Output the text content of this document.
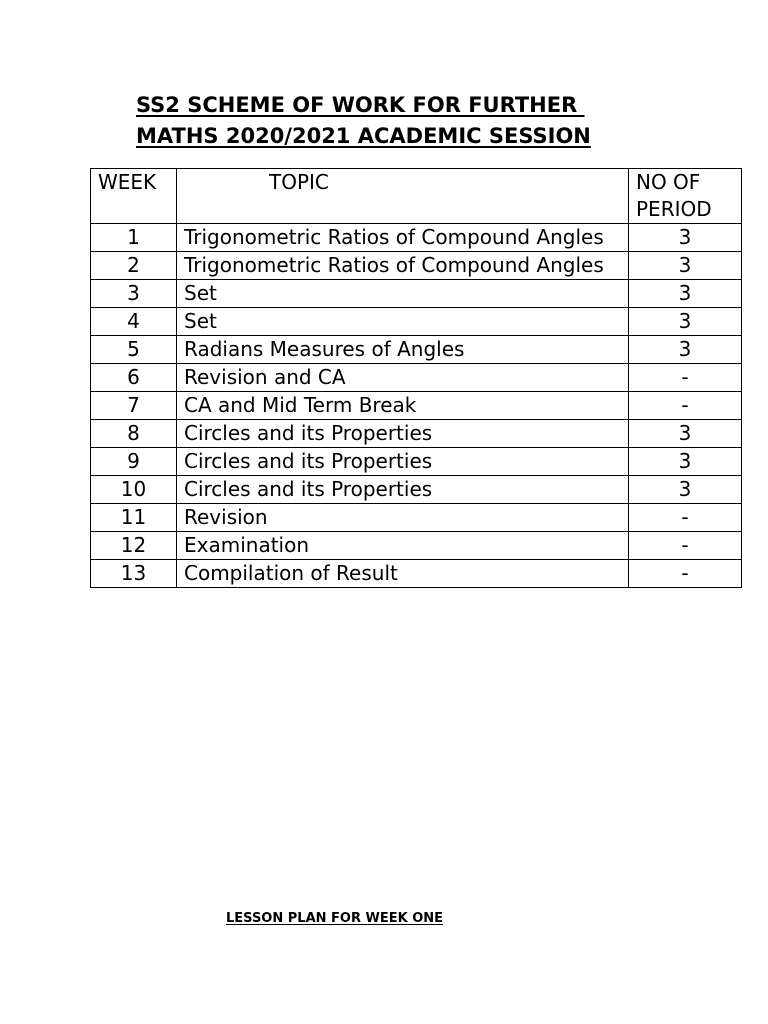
SS2 SCHEME OF WORK FOR FURTHER
MATHS 2020/2021 ACADEMIC SESSION
WEEK	TOPIC	NO OF PERIOD
1	Trigonometric Ratios of Compound Angles	3
2	Trigonometric Ratios of Compound Angles	3
3	Set	3
4	Set	3
5	Radians Measures of Angles	3
6	Revision and CA	-
7	CA and Mid Term Break	-
8	Circles and its Properties	3
9	Circles and its Properties	3
10	Circles and its Properties	3
11	Revision	-
12	Examination	-
13	Compilation of Result	-
LESSON PLAN FOR WEEK ONE
